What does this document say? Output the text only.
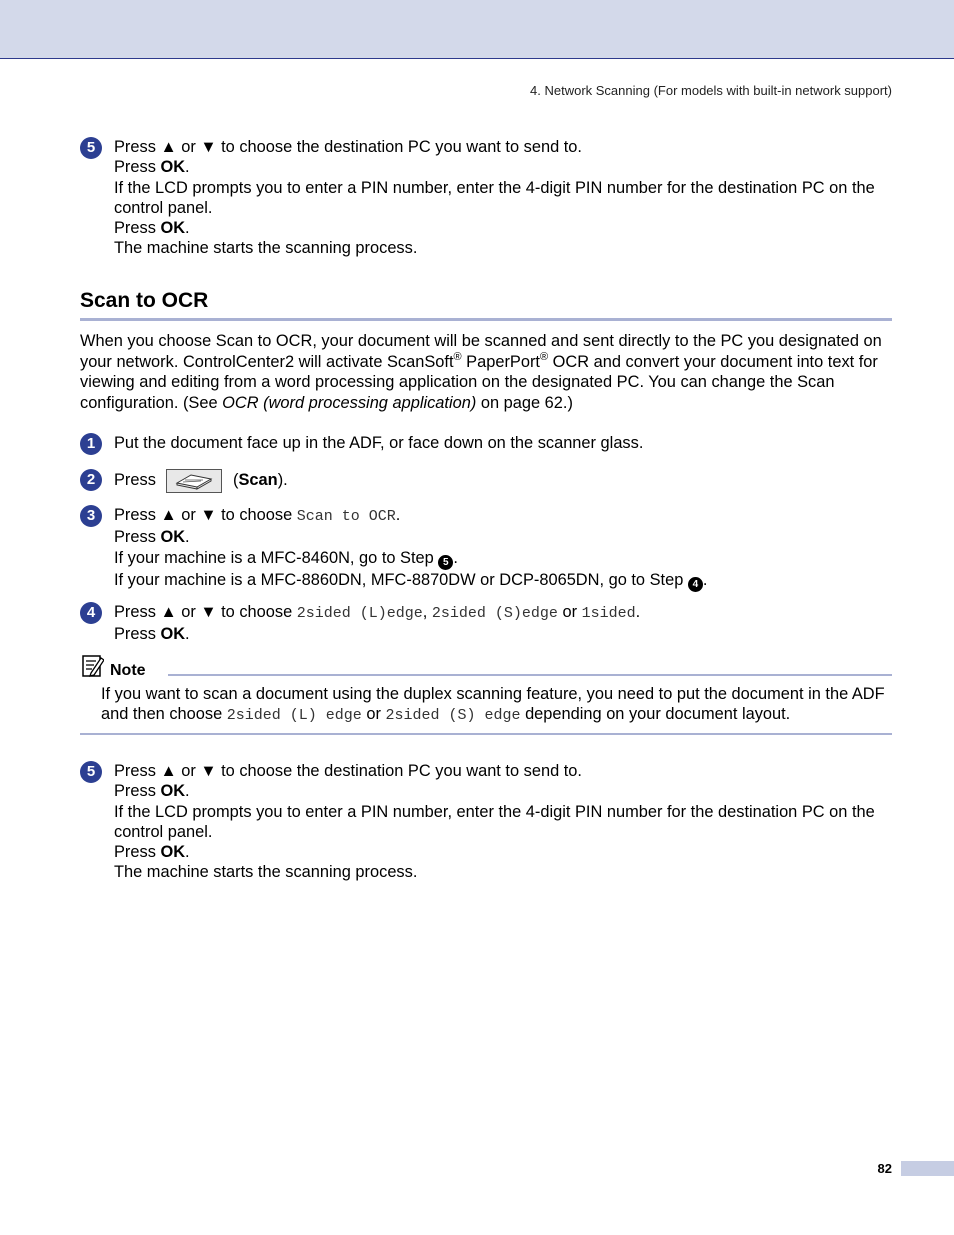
4. Network Scanning (For models with built-in network support)
5	Press ▲ or ▼ to choose the destination PC you want to send to.
Press OK.
If the LCD prompts you to enter a PIN number, enter the 4-digit PIN number for the destination PC on the control panel.
Press OK.
The machine starts the scanning process.
Scan to OCR
When you choose Scan to OCR, your document will be scanned and sent directly to the PC you designated on your network. ControlCenter2 will activate ScanSoft® PaperPort® OCR and convert your document into text for viewing and editing from a word processing application on the designated PC. You can change the Scan configuration. (See OCR (word processing application) on page 62.)
1	Put the document face up in the ADF, or face down on the scanner glass.
2	Press	(Scan).
3	Press ▲ or ▼ to choose Scan to OCR.
Press OK.
If your machine is a MFC-8460N, go to Step 5 .
If your machine is a MFC-8860DN, MFC-8870DW or DCP-8065DN, go to Step 4 .
4	Press ▲ or ▼ to choose 2sided (L)edge, 2sided (S)edge or 1sided.
Press OK.
Note
If you want to scan a document using the duplex scanning feature, you need to put the document in the ADF and then choose 2sided (L) edge or 2sided (S) edge depending on your document layout.
5	Press ▲ or ▼ to choose the destination PC you want to send to.
Press OK.
If the LCD prompts you to enter a PIN number, enter the 4-digit PIN number for the destination PC on the control panel.
Press OK.
The machine starts the scanning process.
82
